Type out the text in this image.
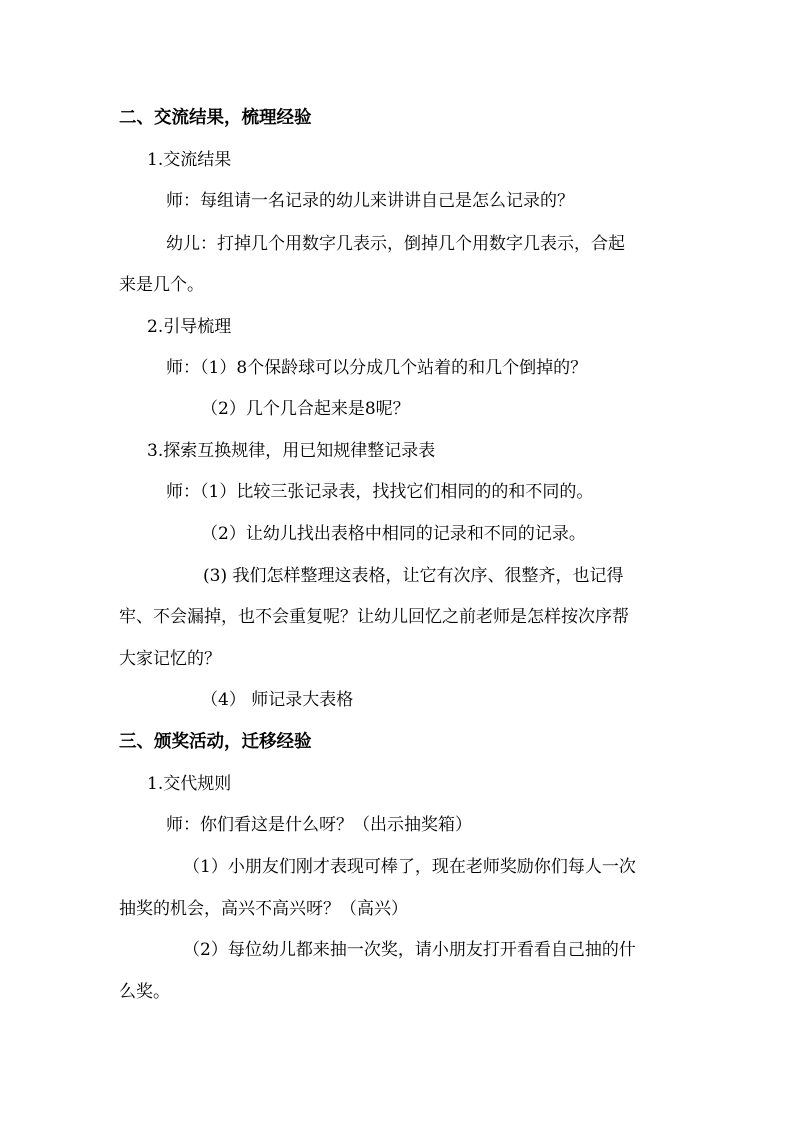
二、交流结果，梳理经验
1.交流结果
师：每组请一名记录的幼儿来讲讲自己是怎么记录的？
幼儿：打掉几个用数字几表示，倒掉几个用数字几表示，合起
来是几个。
2.引导梳理
师：（1）8个保龄球可以分成几个站着的和几个倒掉的？
（2）几个几合起来是8呢？
3.探索互换规律，用已知规律整记录表
师：（1）比较三张记录表，找找它们相同的的和不同的。
（2）让幼儿找出表格中相同的记录和不同的记录。
(3) 我们怎样整理这表格，让它有次序、很整齐，也记得
牢、不会漏掉，也不会重复呢？让幼儿回忆之前老师是怎样按次序帮
大家记忆的？
（4） 师记录大表格
三、颁奖活动，迁移经验
1.交代规则
师：你们看这是什么呀？（出示抽奖箱）
（1）小朋友们刚才表现可棒了，现在老师奖励你们每人一次
抽奖的机会，高兴不高兴呀？（高兴）
（2）每位幼儿都来抽一次奖，请小朋友打开看看自己抽的什
么奖。
